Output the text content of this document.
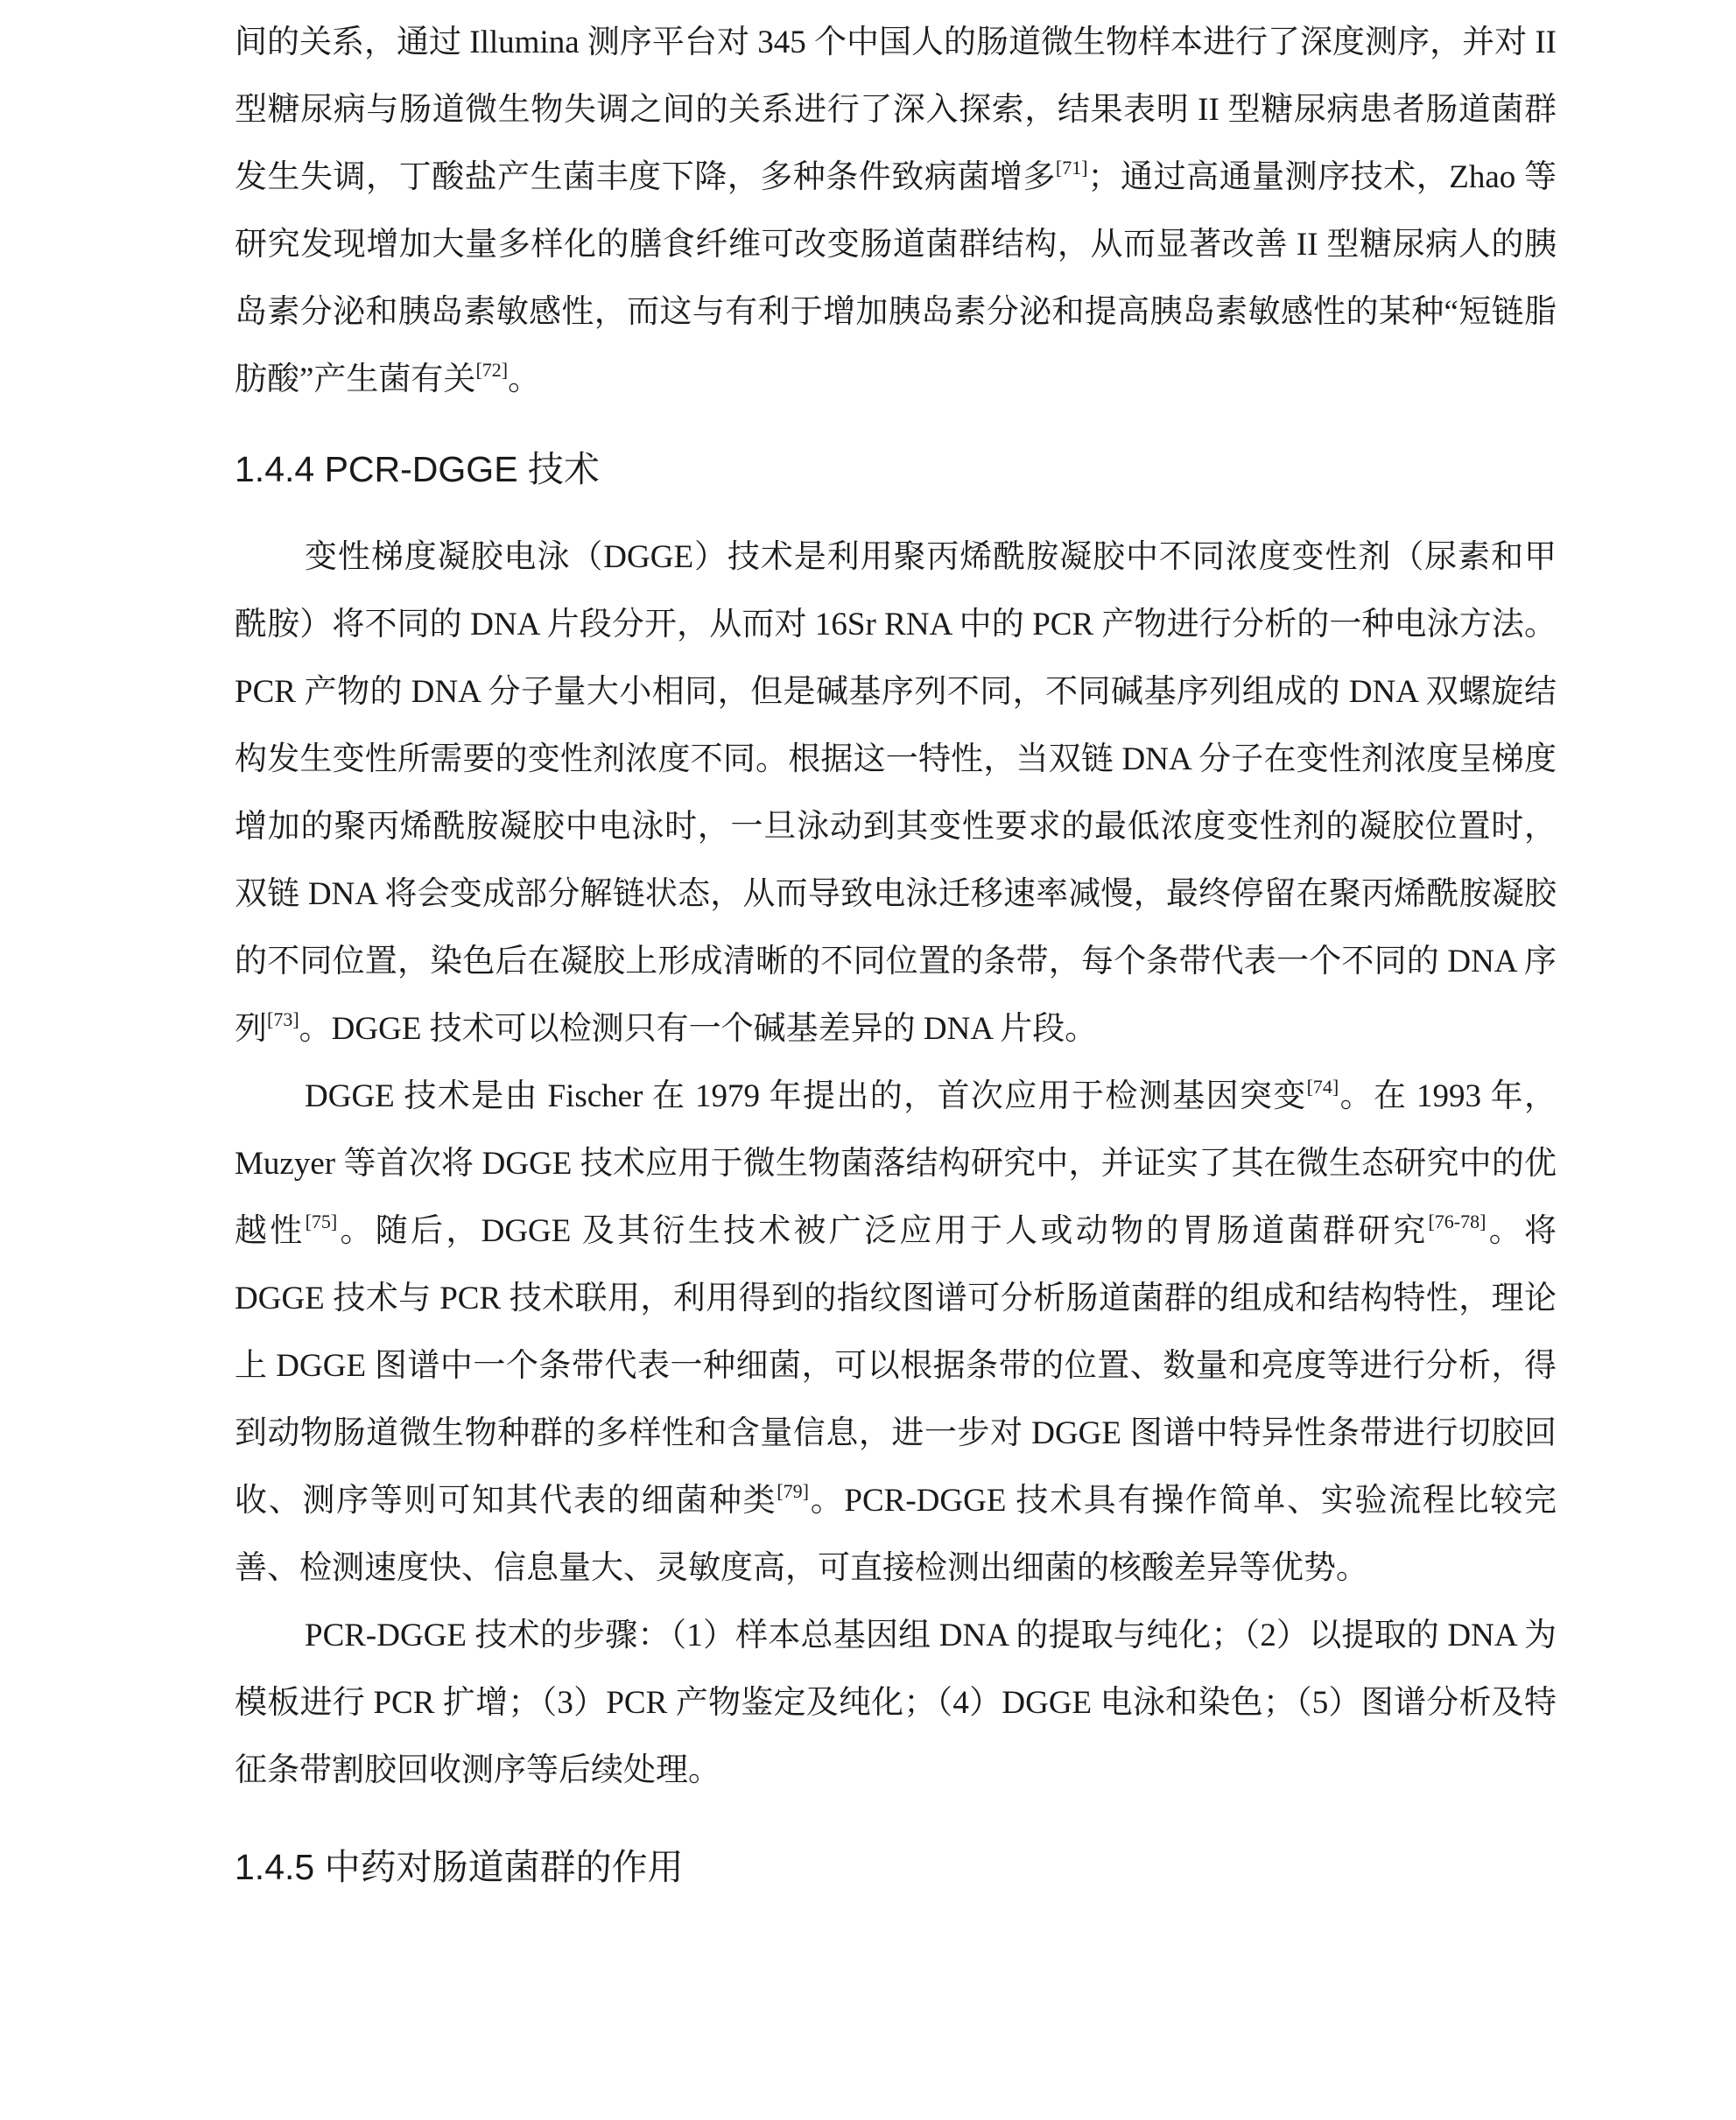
间的关系，通过 Illumina 测序平台对 345 个中国人的肠道微生物样本进行了深度测序，并对 II 型糖尿病与肠道微生物失调之间的关系进行了深入探索，结果表明 II 型糖尿病患者肠道菌群发生失调，丁酸盐产生菌丰度下降，多种条件致病菌增多[71]；通过高通量测序技术，Zhao 等研究发现增加大量多样化的膳食纤维可改变肠道菌群结构，从而显著改善 II 型糖尿病人的胰岛素分泌和胰岛素敏感性，而这与有利于增加胰岛素分泌和提高胰岛素敏感性的某种“短链脂肪酸”产生菌有关[72]。

1.4.4 PCR-DGGE 技术

变性梯度凝胶电泳（DGGE）技术是利用聚丙烯酰胺凝胶中不同浓度变性剂（尿素和甲酰胺）将不同的 DNA 片段分开，从而对 16Sr RNA 中的 PCR 产物进行分析的一种电泳方法。PCR 产物的 DNA 分子量大小相同，但是碱基序列不同，不同碱基序列组成的 DNA 双螺旋结构发生变性所需要的变性剂浓度不同。根据这一特性，当双链 DNA 分子在变性剂浓度呈梯度增加的聚丙烯酰胺凝胶中电泳时，一旦泳动到其变性要求的最低浓度变性剂的凝胶位置时，双链 DNA 将会变成部分解链状态，从而导致电泳迁移速率减慢，最终停留在聚丙烯酰胺凝胶的不同位置，染色后在凝胶上形成清晰的不同位置的条带，每个条带代表一个不同的 DNA 序列[73]。DGGE 技术可以检测只有一个碱基差异的 DNA 片段。

DGGE 技术是由 Fischer 在 1979 年提出的，首次应用于检测基因突变[74]。在 1993 年，Muzyer 等首次将 DGGE 技术应用于微生物菌落结构研究中，并证实了其在微生态研究中的优越性[75]。随后，DGGE 及其衍生技术被广泛应用于人或动物的胃肠道菌群研究[76-78]。将 DGGE 技术与 PCR 技术联用，利用得到的指纹图谱可分析肠道菌群的组成和结构特性，理论上 DGGE 图谱中一个条带代表一种细菌，可以根据条带的位置、数量和亮度等进行分析，得到动物肠道微生物种群的多样性和含量信息，进一步对 DGGE 图谱中特异性条带进行切胶回收、测序等则可知其代表的细菌种类[79]。PCR-DGGE 技术具有操作简单、实验流程比较完善、检测速度快、信息量大、灵敏度高，可直接检测出细菌的核酸差异等优势。

PCR-DGGE 技术的步骤：（1）样本总基因组 DNA 的提取与纯化；（2）以提取的 DNA 为模板进行 PCR 扩增；（3）PCR 产物鉴定及纯化；（4）DGGE 电泳和染色；（5）图谱分析及特征条带割胶回收测序等后续处理。

1.4.5 中药对肠道菌群的作用
